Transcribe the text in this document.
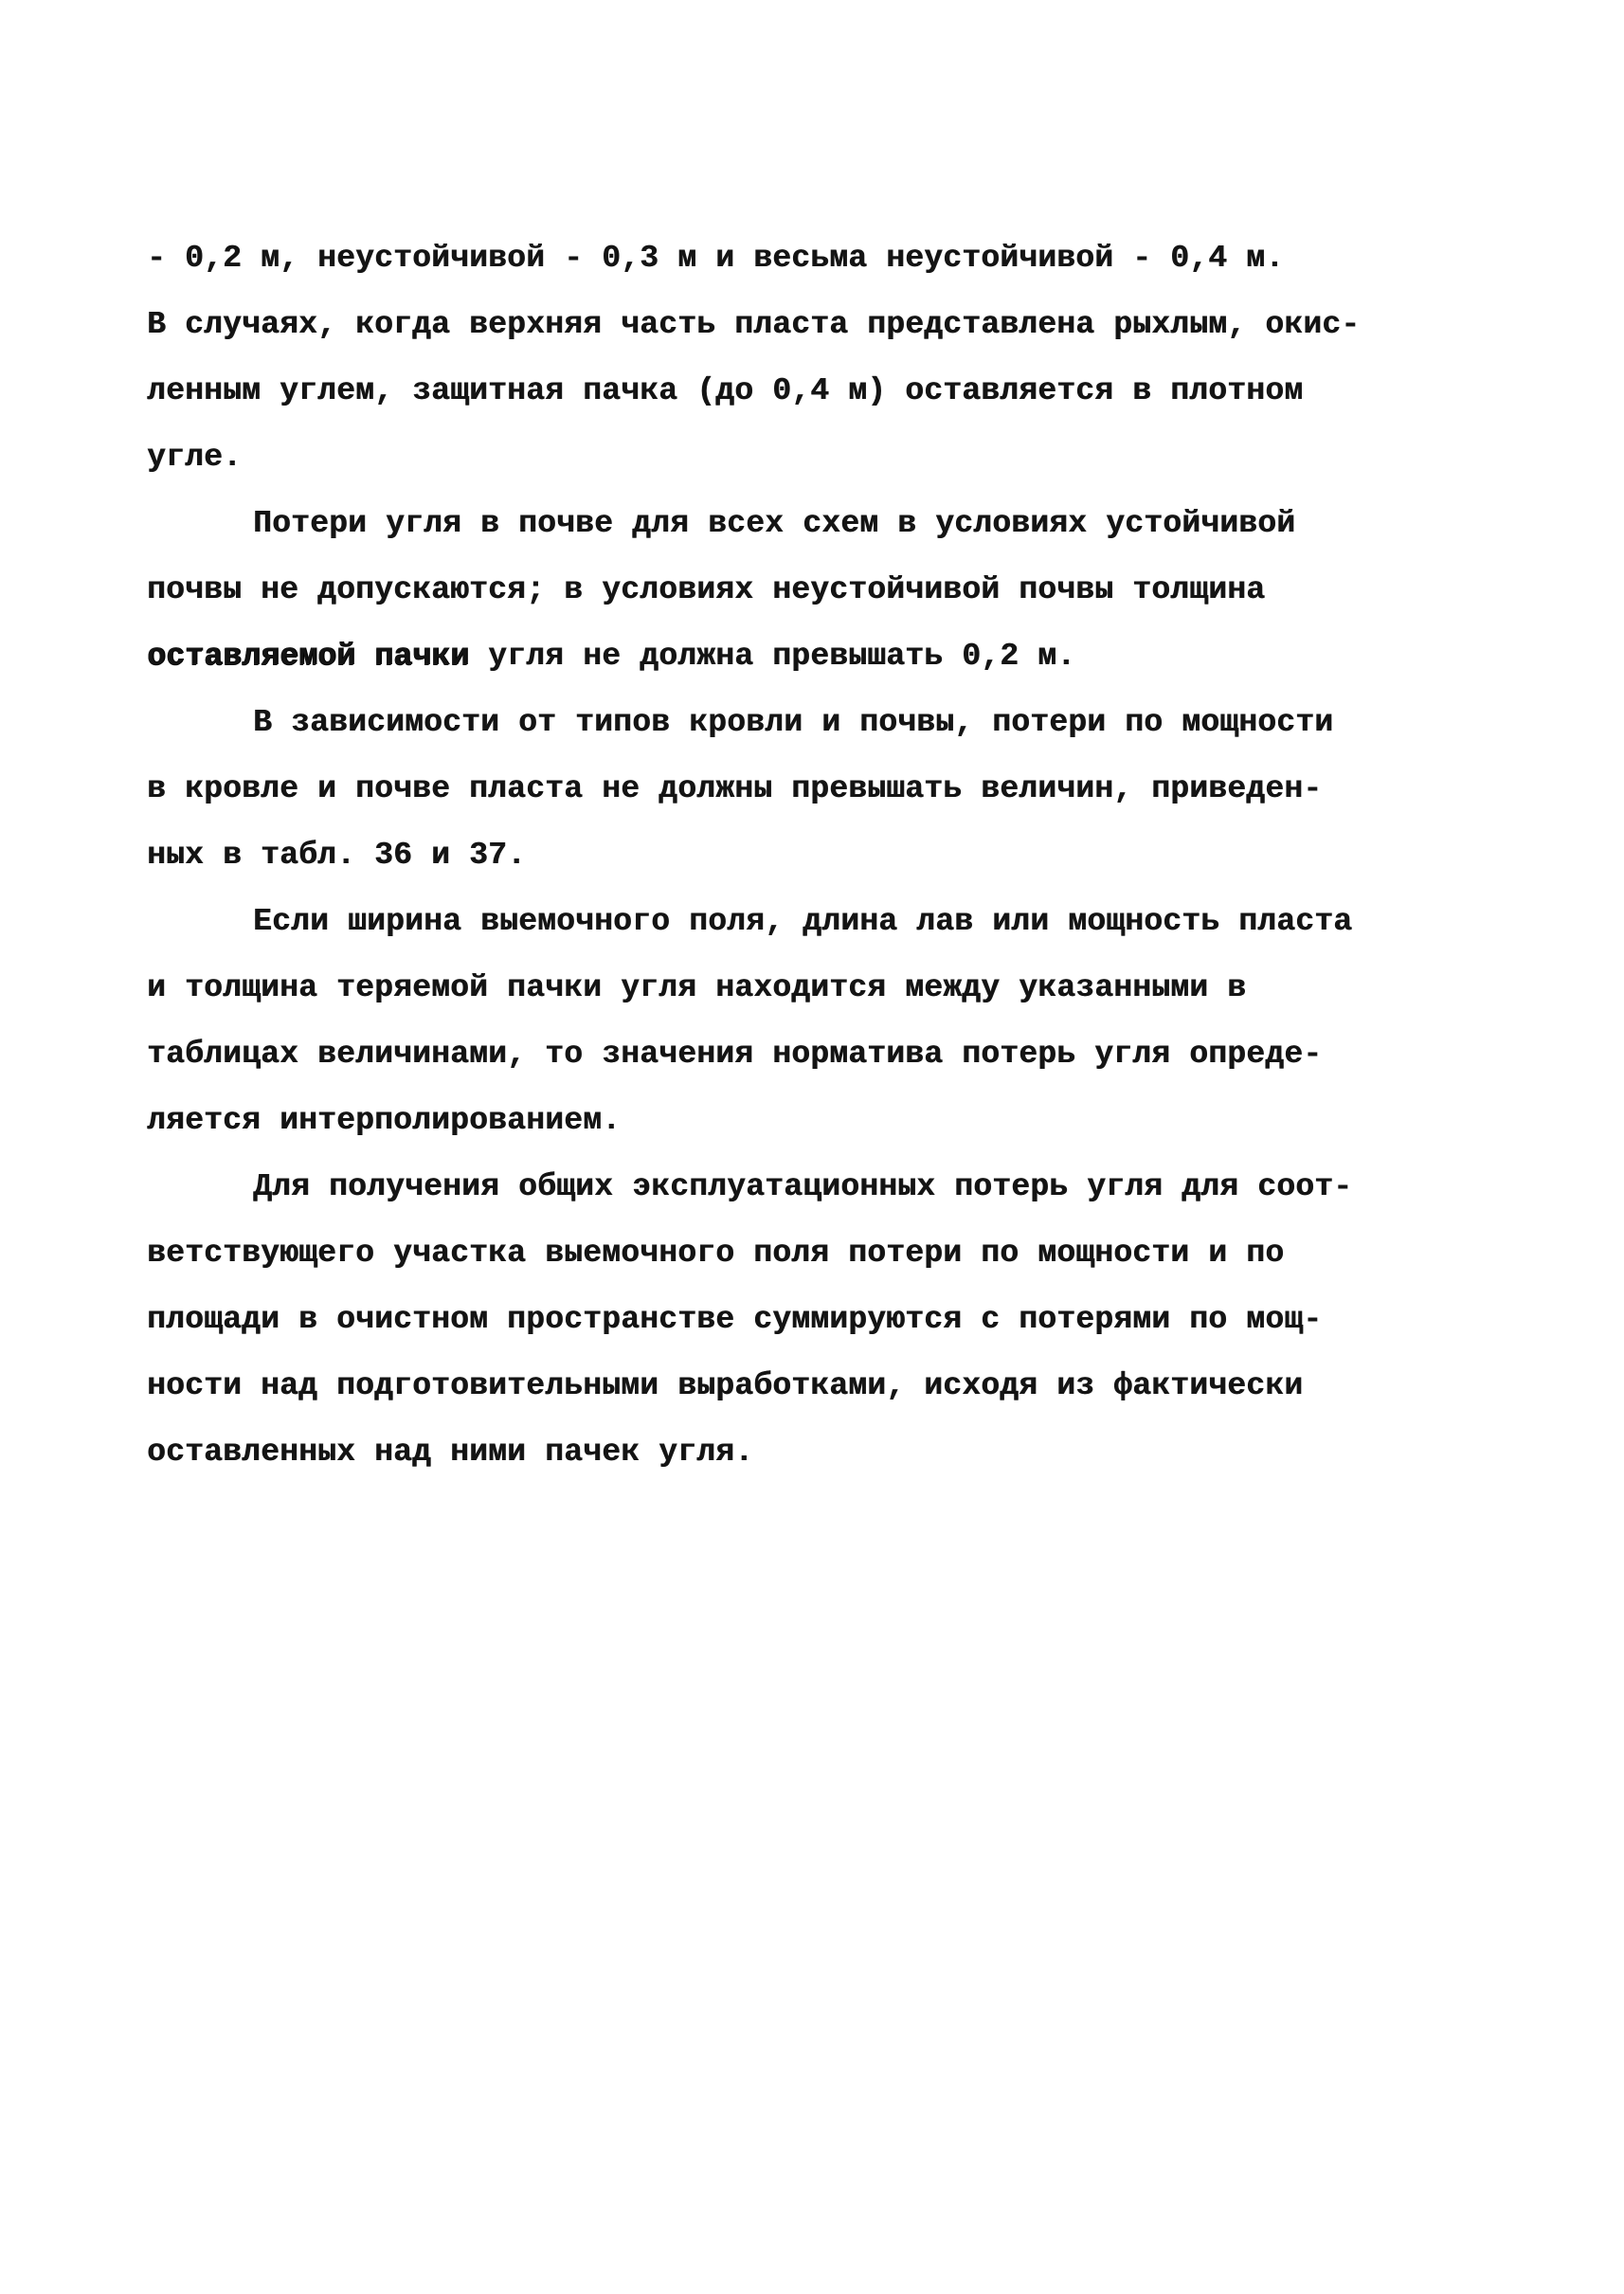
- 0,2 м, неустойчивой - 0,3 м и весьма неустойчивой - 0,4 м.
В случаях, когда верхняя часть пласта представлена рыхлым, окис-
ленным углем, защитная пачка (до 0,4 м) оставляется в плотном
угле.
Потери угля в почве для всех схем в условиях устойчивой
почвы не допускаются; в условиях неустойчивой почвы толщина
оставляемой пачки угля не должна превышать 0,2 м.
В зависимости от типов кровли и почвы, потери по мощности
в кровле и почве пласта не должны превышать величин, приведен-
ных в табл. 36 и 37.
Если ширина выемочного поля, длина лав или мощность пласта
и толщина теряемой пачки угля находится между указанными в
таблицах величинами, то значения норматива потерь угля опреде-
ляется интерполированием.
Для получения общих эксплуатационных потерь угля для соот-
ветствующего участка выемочного поля потери по мощности и по
площади в очистном пространстве суммируются с потерями по мощ-
ности над подготовительными выработками, исходя из фактически
оставленных над ними пачек угля.
